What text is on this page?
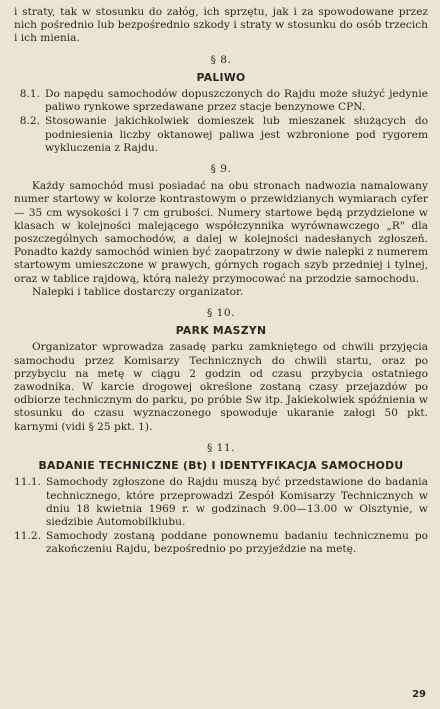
i straty, tak w stosunku do załóg, ich sprzętu, jak i za spowodowane przez nich pośrednio lub bezpośrednio szkody i straty w stosunku do osób trzecich i ich mienia.

§ 8.
PALIWO
8.1. Do napędu samochodów dopuszczonych do Rajdu może służyć jedynie paliwo rynkowe sprzedawane przez stacje benzynowe CPN.
8.2. Stosowanie jakichkolwiek domieszek lub mieszanek służących do podniesienia liczby oktanowej paliwa jest wzbronione pod rygorem wykluczenia z Rajdu.
§ 9.

Każdy samochód musi posiadać na obu stronach nadwozia namalowany numer startowy w kolorze kontrastowym o przewidzianych wymiarach cyfer — 35 cm wysokości i 7 cm grubości. Numery startowe będą przydzielone w klasach w kolejności malejącego współczynnika wyrównawczego „R" dla poszczególnych samochodów, a dalej w kolejności nadesłanych zgłoszeń. Ponadto każdy samochód winien być zaopatrzony w dwie nalepki z numerem startowym umieszczone w prawych, górnych rogach szyb przedniej i tylnej, oraz w tablice rajdową, którą należy przymocować na przodzie samochodu.

Nalepki i tablice dostarczy organizator.

§ 10.
PARK MASZYN

Organizator wprowadza zasadę parku zamkniętego od chwili przyjęcia samochodu przez Komisarzy Technicznych do chwili startu, oraz po przybyciu na metę w ciągu 2 godzin od czasu przybycia ostatniego zawodnika. W karcie drogowej określone zostaną czasy przejazdów po odbiorze technicznym do parku, po próbie Sw itp. Jakiekolwiek spóźnienia w stosunku do czasu wyznaczonego spowoduje ukaranie załogi 50 pkt. karnymi (vidi § 25 pkt. 1).

§ 11.
BADANIE TECHNICZNE (Bt) I IDENTYFIKACJA SAMOCHODU
11.1. Samochody zgłoszone do Rajdu muszą być przedstawione do badania technicznego, które przeprowadzi Zespół Komisarzy Technicznych w dniu 18 kwietnia 1969 r. w godzinach 9.00—13.00 w Olsztynie, w siedzibie Automobilklubu.
11.2. Samochody zostaną poddane ponownemu badaniu technicznemu po zakończeniu Rajdu, bezpośrednio po przyjeździe na metę.
29
